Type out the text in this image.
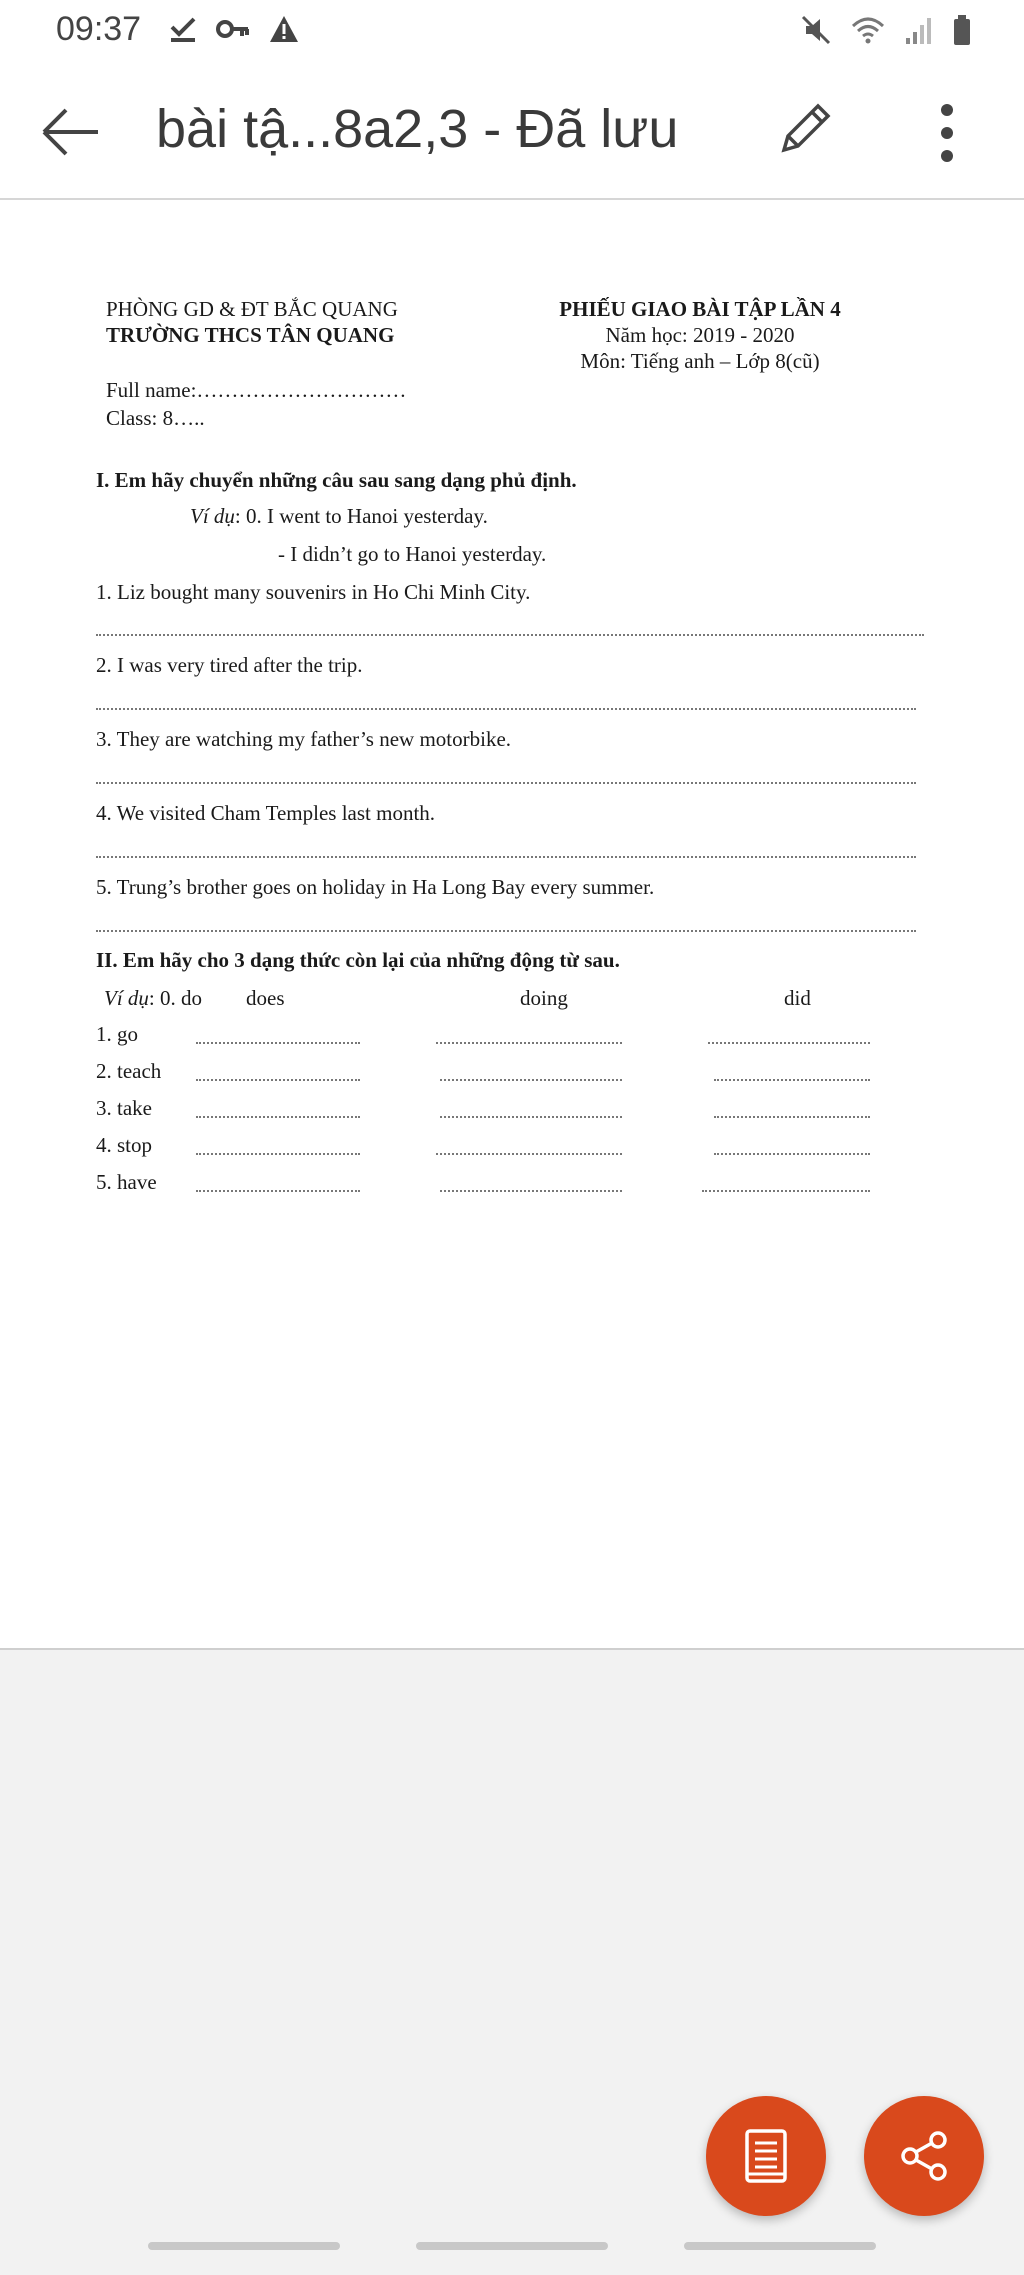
09:37
bài tậ...8a2,3 - Đã lưu
PHÒNG GD & ĐT BẮC QUANG
TRƯỜNG THCS TÂN QUANG
PHIẾU GIAO BÀI TẬP LẦN 4
Năm học: 2019 - 2020
Môn: Tiếng anh – Lớp 8(cũ)
Full name:…………………………
Class: 8…..
I. Em hãy chuyển những câu sau sang dạng phủ định.
Ví dụ: 0. I went to Hanoi yesterday.
- I didn’t go to Hanoi yesterday.
1. Liz bought many souvenirs in Ho Chi Minh City.
2. I was very tired after the trip.
3. They are watching my father’s new motorbike.
4. We visited Cham Temples last month.
5. Trung’s brother goes on holiday in Ha Long Bay every summer.
II. Em hãy cho 3 dạng thức còn lại của những động từ sau.
Ví dụ: 0. do does	doing	did
1. go
2. teach
3. take
4. stop
5. have
